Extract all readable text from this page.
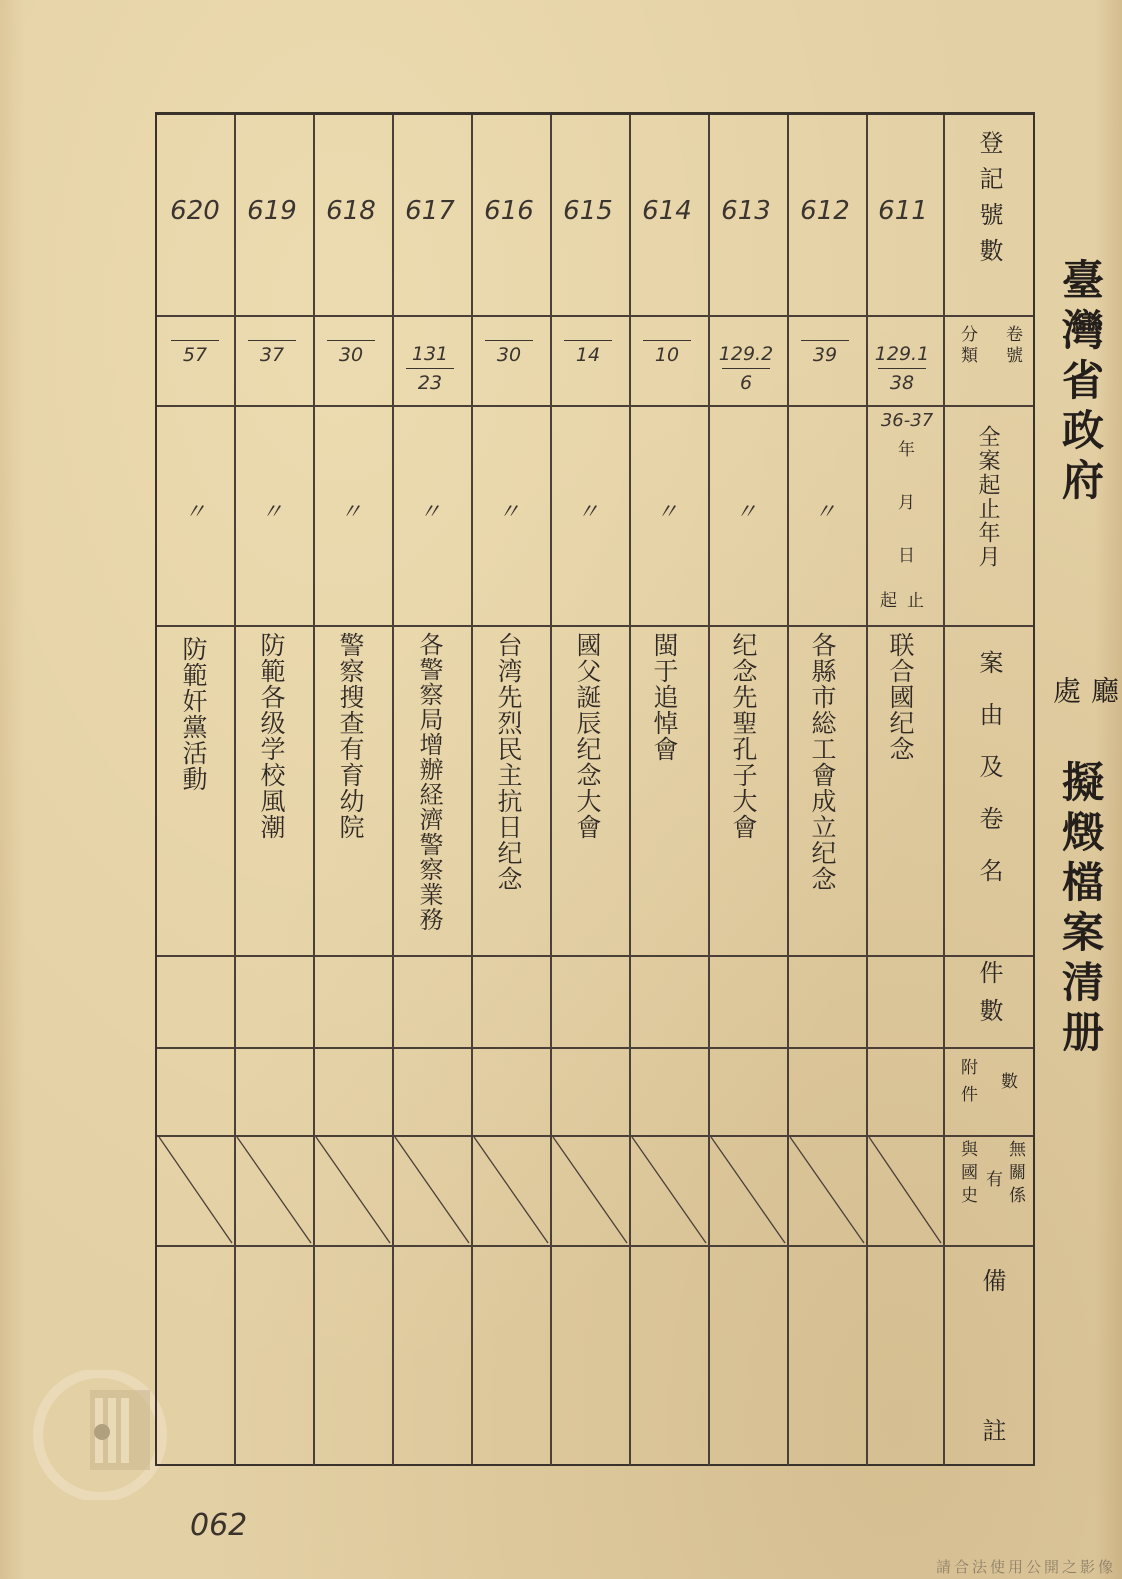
臺灣省政府
廳
處
擬燬檔案清册
登記號數
卷號
分類
全案起止年月
案由及卷名
件數
數
附件
無關係
有
與國史
備
註
611
129.1
38
36-37
年月日
起止
联合國纪念
612
39
〃
各縣市総工會成立纪念
613
129.2
6
〃
纪念先聖孔子大會
614
10
〃
閩于追悼會
615
14
〃
國父誕辰纪念大會
616
30
〃
台湾先烈民主抗日纪念
617
131
23
〃
各警察局增辦経濟警察業務
618
30
〃
警察搜查有育幼院
619
37
〃
防範各级学校風潮
620
57
〃
防範奸黨活動
062
請合法使用公開之影像
